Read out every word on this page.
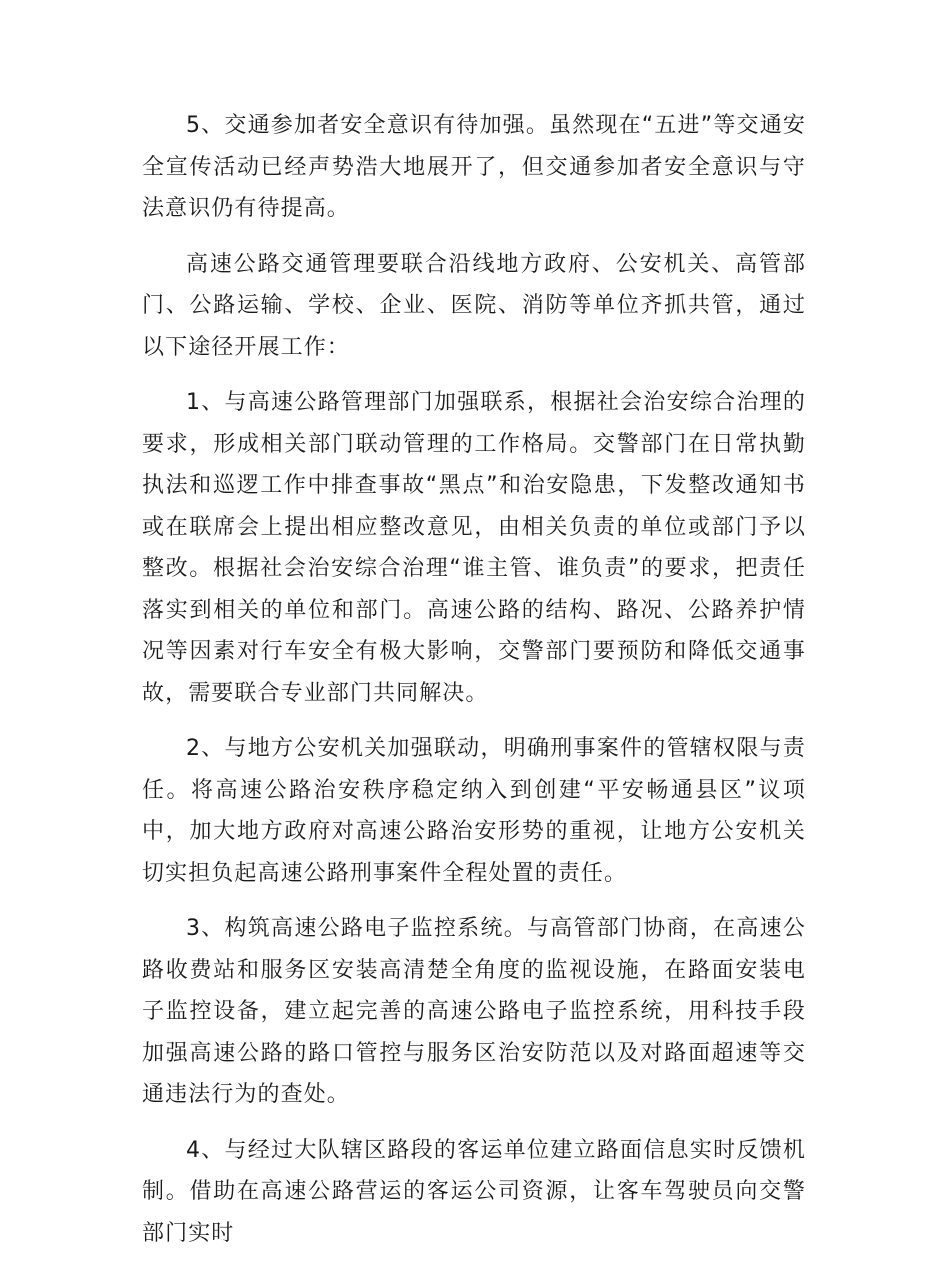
5、交通参加者安全意识有待加强。虽然现在“五进”等交通安全宣传活动已经声势浩大地展开了，但交通参加者安全意识与守法意识仍有待提高。

高速公路交通管理要联合沿线地方政府、公安机关、高管部门、公路运输、学校、企业、医院、消防等单位齐抓共管，通过以下途径开展工作：

1、与高速公路管理部门加强联系，根据社会治安综合治理的要求，形成相关部门联动管理的工作格局。交警部门在日常执勤执法和巡逻工作中排查事故“黑点”和治安隐患，下发整改通知书或在联席会上提出相应整改意见，由相关负责的单位或部门予以整改。根据社会治安综合治理“谁主管、谁负责”的要求，把责任落实到相关的单位和部门。高速公路的结构、路况、公路养护情况等因素对行车安全有极大影响，交警部门要预防和降低交通事故，需要联合专业部门共同解决。

2、与地方公安机关加强联动，明确刑事案件的管辖权限与责任。将高速公路治安秩序稳定纳入到创建“平安畅通县区”议项中，加大地方政府对高速公路治安形势的重视，让地方公安机关切实担负起高速公路刑事案件全程处置的责任。

3、构筑高速公路电子监控系统。与高管部门协商，在高速公路收费站和服务区安装高清楚全角度的监视设施，在路面安装电子监控设备，建立起完善的高速公路电子监控系统，用科技手段加强高速公路的路口管控与服务区治安防范以及对路面超速等交通违法行为的查处。

4、与经过大队辖区路段的客运单位建立路面信息实时反馈机制。借助在高速公路营运的客运公司资源，让客车驾驶员向交警部门实时
